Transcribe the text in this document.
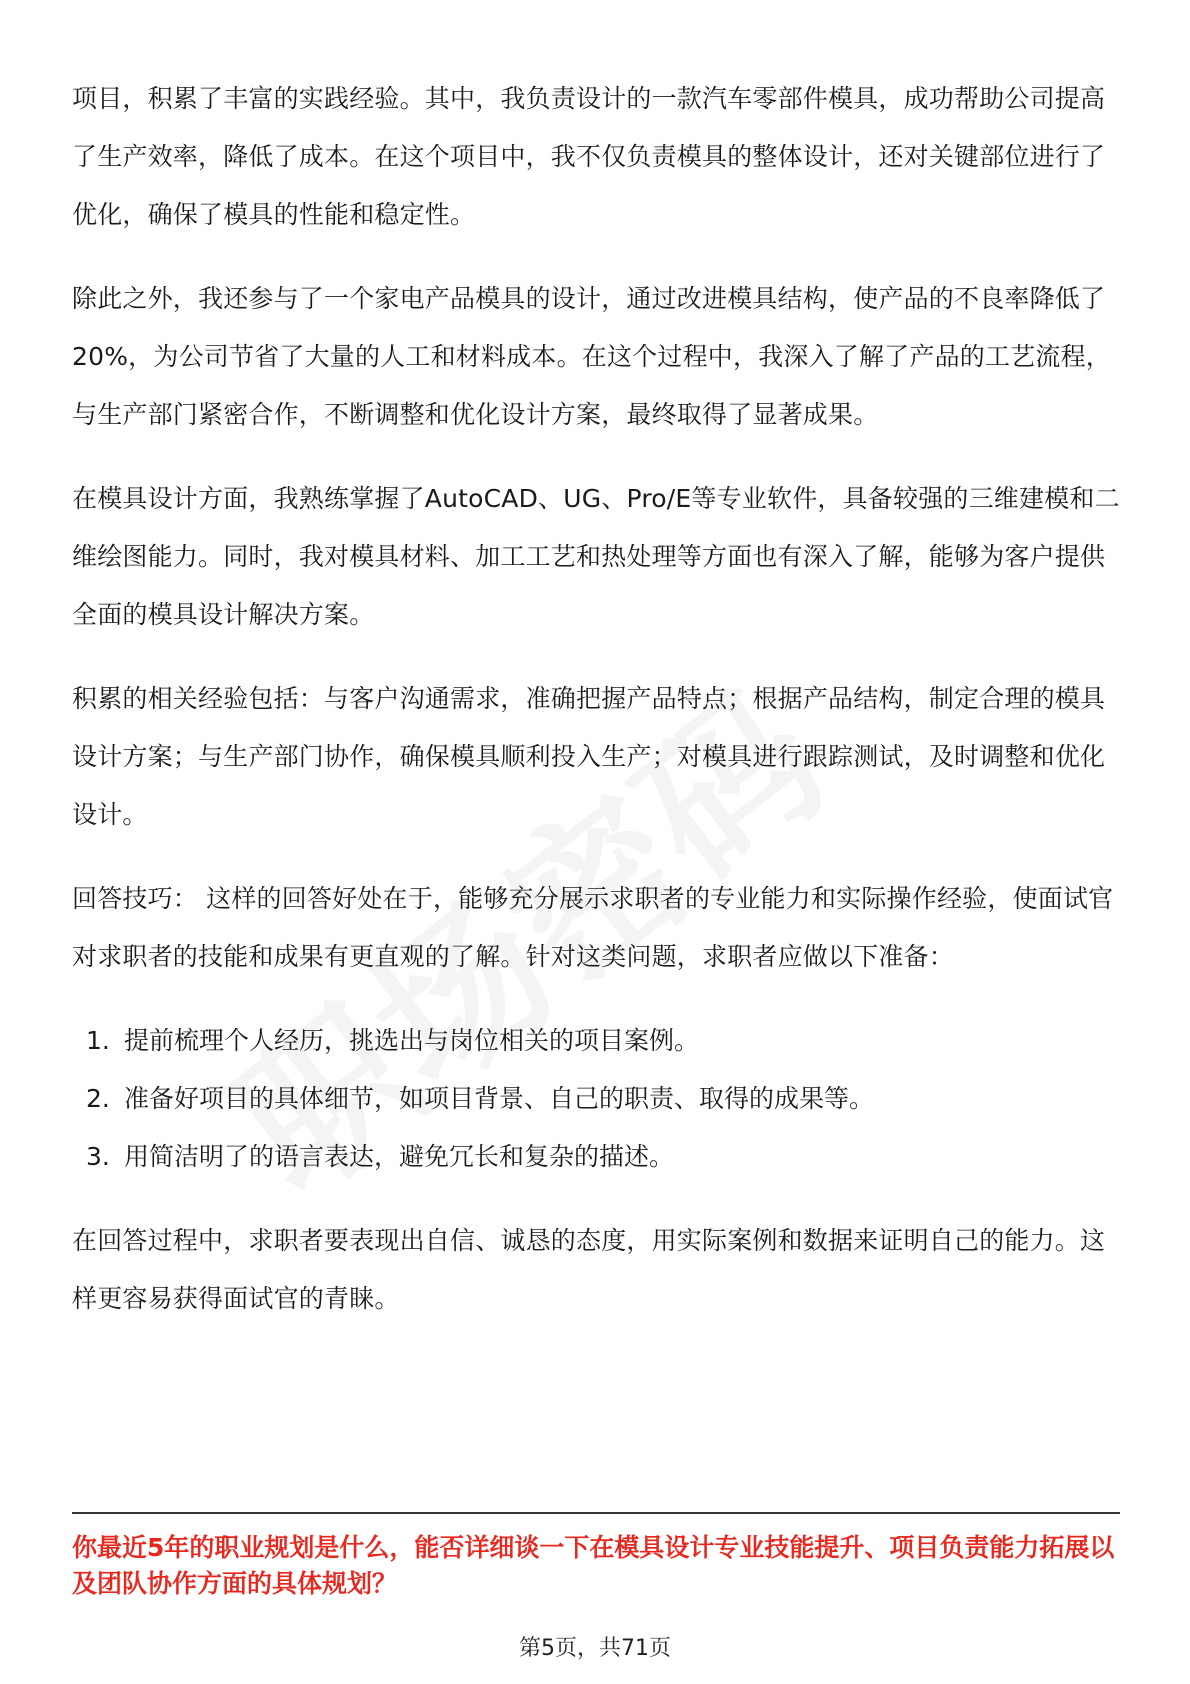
项目，积累了丰富的实践经验。其中，我负责设计的一款汽车零部件模具，成功帮助公司提高了生产效率，降低了成本。在这个项目中，我不仅负责模具的整体设计，还对关键部位进行了优化，确保了模具的性能和稳定性。

除此之外，我还参与了一个家电产品模具的设计，通过改进模具结构，使产品的不良率降低了20%，为公司节省了大量的人工和材料成本。在这个过程中，我深入了解了产品的工艺流程，与生产部门紧密合作，不断调整和优化设计方案，最终取得了显著成果。

在模具设计方面，我熟练掌握了AutoCAD、UG、Pro/E等专业软件，具备较强的三维建模和二维绘图能力。同时，我对模具材料、加工工艺和热处理等方面也有深入了解，能够为客户提供全面的模具设计解决方案。

积累的相关经验包括：与客户沟通需求，准确把握产品特点；根据产品结构，制定合理的模具设计方案；与生产部门协作，确保模具顺利投入生产；对模具进行跟踪测试，及时调整和优化设计。

回答技巧： 这样的回答好处在于，能够充分展示求职者的专业能力和实际操作经验，使面试官对求职者的技能和成果有更直观的了解。针对这类问题，求职者应做以下准备：

1. 提前梳理个人经历，挑选出与岗位相关的项目案例。
2. 准备好项目的具体细节，如项目背景、自己的职责、取得的成果等。
3. 用简洁明了的语言表达，避免冗长和复杂的描述。

在回答过程中，求职者要表现出自信、诚恳的态度，用实际案例和数据来证明自己的能力。这样更容易获得面试官的青睐。

你最近5年的职业规划是什么，能否详细谈一下在模具设计专业技能提升、项目负责能力拓展以及团队协作方面的具体规划？

第5页，共71页
